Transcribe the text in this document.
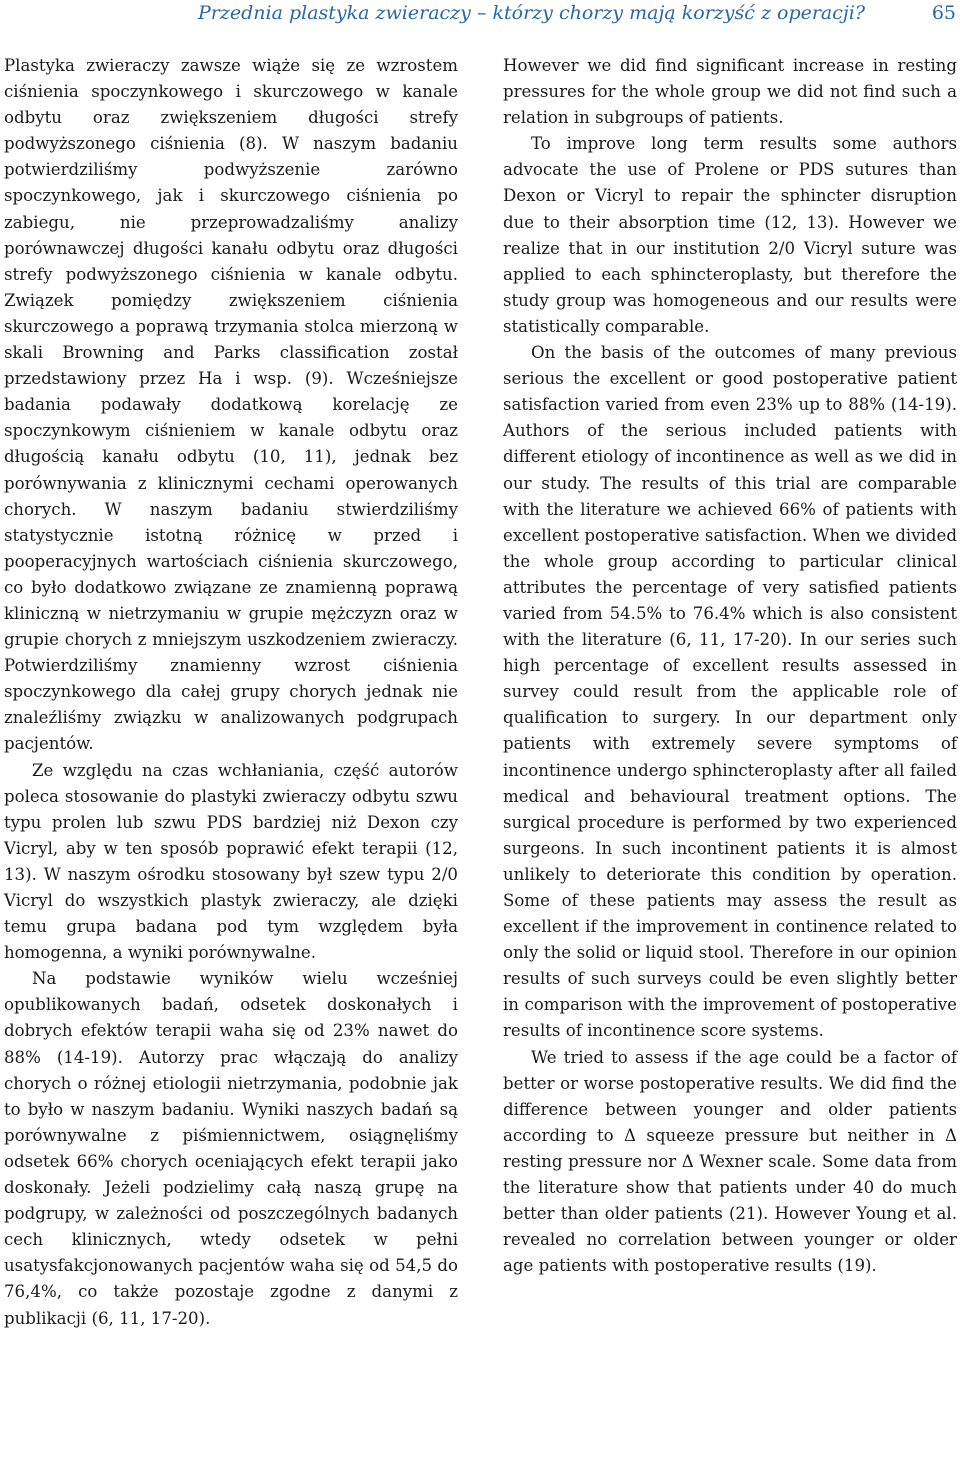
Przednia plastyka zwieraczy – którzy chorzy mają korzyść z operacji?	65

Plastyka zwieraczy zawsze wiąże się ze wzrostem ciśnienia spoczynkowego i skurczowego w kanale odbytu oraz zwiększeniem długości strefy podwyższonego ciśnienia (8). W naszym badaniu potwierdziliśmy podwyższenie zarówno spoczynkowego, jak i skurczowego ciśnienia po zabiegu, nie przeprowadzaliśmy analizy porównawczej długości kanału odbytu oraz długości strefy podwyższonego ciśnienia w kanale odbytu. Związek pomiędzy zwiększeniem ciśnienia skurczowego a poprawą trzymania stolca mierzoną w skali Browning and Parks classification został przedstawiony przez Ha i wsp. (9). Wcześniejsze badania podawały dodatkową korelację ze spoczynkowym ciśnieniem w kanale odbytu oraz długością kanału odbytu (10, 11), jednak bez porównywania z klinicznymi cechami operowanych chorych. W naszym badaniu stwierdziliśmy statystycznie istotną różnicę w przed i pooperacyjnych wartościach ciśnienia skurczowego, co było dodatkowo związane ze znamienną poprawą kliniczną w nietrzymaniu w grupie mężczyzn oraz w grupie chorych z mniejszym uszkodzeniem zwieraczy. Potwierdziliśmy znamienny wzrost ciśnienia spoczynkowego dla całej grupy chorych jednak nie znaleźliśmy związku w analizowanych podgrupach pacjentów.

Ze względu na czas wchłaniania, część autorów poleca stosowanie do plastyki zwieraczy odbytu szwu typu prolen lub szwu PDS bardziej niż Dexon czy Vicryl, aby w ten sposób poprawić efekt terapii (12, 13). W naszym ośrodku stosowany był szew typu 2/0 Vicryl do wszystkich plastyk zwieraczy, ale dzięki temu grupa badana pod tym względem była homogenna, a wyniki porównywalne.

Na podstawie wyników wielu wcześniej opublikowanych badań, odsetek doskonałych i dobrych efektów terapii waha się od 23% nawet do 88% (14-19). Autorzy prac włączają do analizy chorych o różnej etiologii nietrzymania, podobnie jak to było w naszym badaniu. Wyniki naszych badań są porównywalne z piśmiennictwem, osiągnęliśmy odsetek 66% chorych oceniających efekt terapii jako doskonały. Jeżeli podzielimy całą naszą grupę na podgrupy, w zależności od poszczególnych badanych cech klinicznych, wtedy odsetek w pełni usatysfakcjonowanych pacjentów waha się od 54,5 do 76,4%, co także pozostaje zgodne z danymi z publikacji (6, 11, 17-20).

However we did find significant increase in resting pressures for the whole group we did not find such a relation in subgroups of patients.

To improve long term results some authors advocate the use of Prolene or PDS sutures than Dexon or Vicryl to repair the sphincter disruption due to their absorption time (12, 13). However we realize that in our institution 2/0 Vicryl suture was applied to each sphincteroplasty, but therefore the study group was homogeneous and our results were statistically comparable.

On the basis of the outcomes of many previous serious the excellent or good postoperative patient satisfaction varied from even 23% up to 88% (14-19). Authors of the serious included patients with different etiology of incontinence as well as we did in our study. The results of this trial are comparable with the literature we achieved 66% of patients with excellent postoperative satisfaction. When we divided the whole group according to particular clinical attributes the percentage of very satisfied patients varied from 54.5% to 76.4% which is also consistent with the literature (6, 11, 17-20). In our series such high percentage of excellent results assessed in survey could result from the applicable role of qualification to surgery. In our department only patients with extremely severe symptoms of incontinence undergo sphincteroplasty after all failed medical and behavioural treatment options. The surgical procedure is performed by two experienced surgeons. In such incontinent patients it is almost unlikely to deteriorate this condition by operation. Some of these patients may assess the result as excellent if the improvement in continence related to only the solid or liquid stool. Therefore in our opinion results of such surveys could be even slightly better in comparison with the improvement of postoperative results of incontinence score systems.

We tried to assess if the age could be a factor of better or worse postoperative results. We did find the difference between younger and older patients according to Δ squeeze pressure but neither in Δ resting pressure nor Δ Wexner scale. Some data from the literature show that patients under 40 do much better than older patients (21). However Young et al. revealed no correlation between younger or older age patients with postoperative results (19).
